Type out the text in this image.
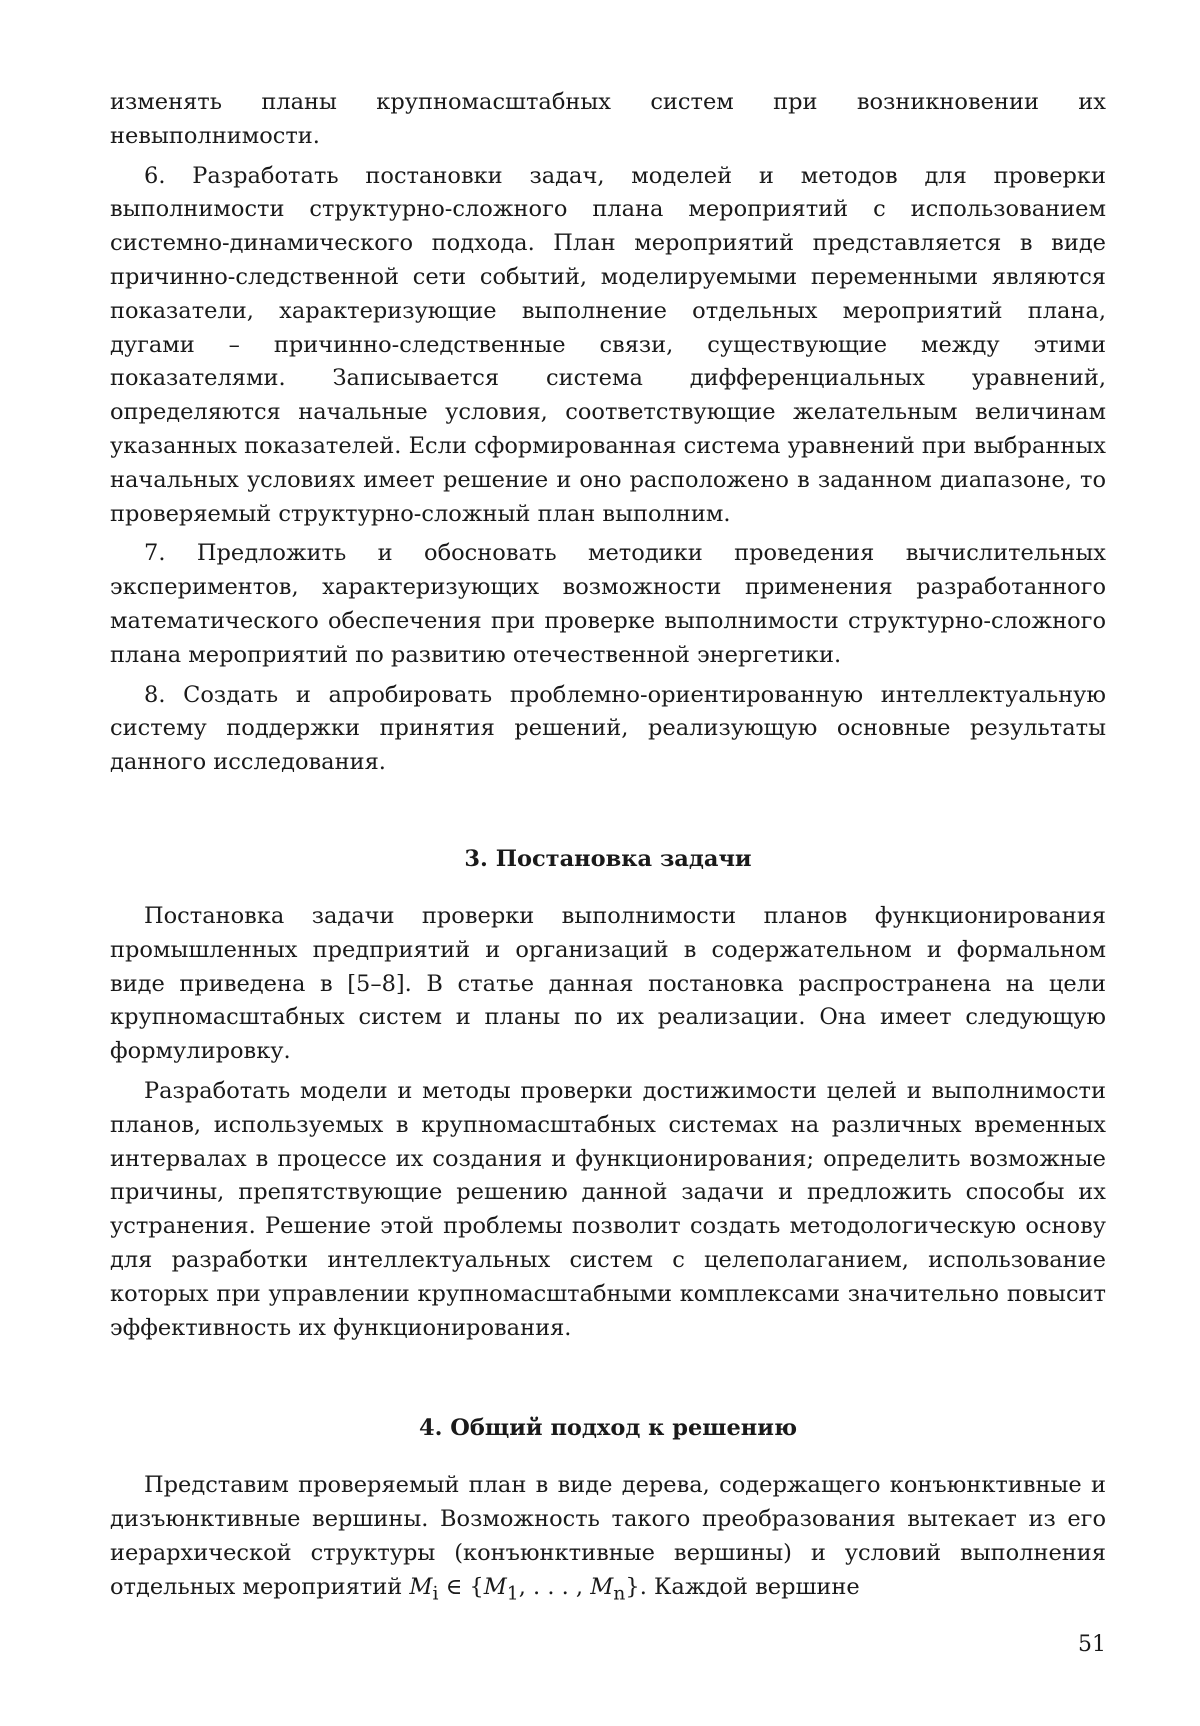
изменять планы крупномасштабных систем при возникновении их невыполнимости.

6. Разработать постановки задач, моделей и методов для проверки выполнимости структурно-сложного плана мероприятий с использованием системно-динамического подхода. План мероприятий представляется в виде причинно-следственной сети событий, моделируемыми переменными являются показатели, характеризующие выполнение отдельных мероприятий плана, дугами – причинно-следственные связи, существующие между этими показателями. Записывается система дифференциальных уравнений, определяются начальные условия, соответствующие желательным величинам указанных показателей. Если сформированная система уравнений при выбранных начальных условиях имеет решение и оно расположено в заданном диапазоне, то проверяемый структурно-сложный план выполним.

7. Предложить и обосновать методики проведения вычислительных экспериментов, характеризующих возможности применения разработанного математического обеспечения при проверке выполнимости структурно-сложного плана мероприятий по развитию отечественной энергетики.

8. Создать и апробировать проблемно-ориентированную интеллектуальную систему поддержки принятия решений, реализующую основные результаты данного исследования.

3. Постановка задачи

Постановка задачи проверки выполнимости планов функционирования промышленных предприятий и организаций в содержательном и формальном виде приведена в [5–8]. В статье данная постановка распространена на цели крупномасштабных систем и планы по их реализации. Она имеет следующую формулировку.

Разработать модели и методы проверки достижимости целей и выполнимости планов, используемых в крупномасштабных системах на различных временных интервалах в процессе их создания и функционирования; определить возможные причины, препятствующие решению данной задачи и предложить способы их устранения. Решение этой проблемы позволит создать методологическую основу для разработки интеллектуальных систем с целеполаганием, использование которых при управлении крупномасштабными комплексами значительно повысит эффективность их функционирования.

4. Общий подход к решению

Представим проверяемый план в виде дерева, содержащего конъюнктивные и дизъюнктивные вершины. Возможность такого преобразования вытекает из его иерархической структуры (конъюнктивные вершины) и условий выполнения отдельных мероприятий $M_i$ ∈ {$M_1$, . . . , $M_n$}. Каждой вершине

51
